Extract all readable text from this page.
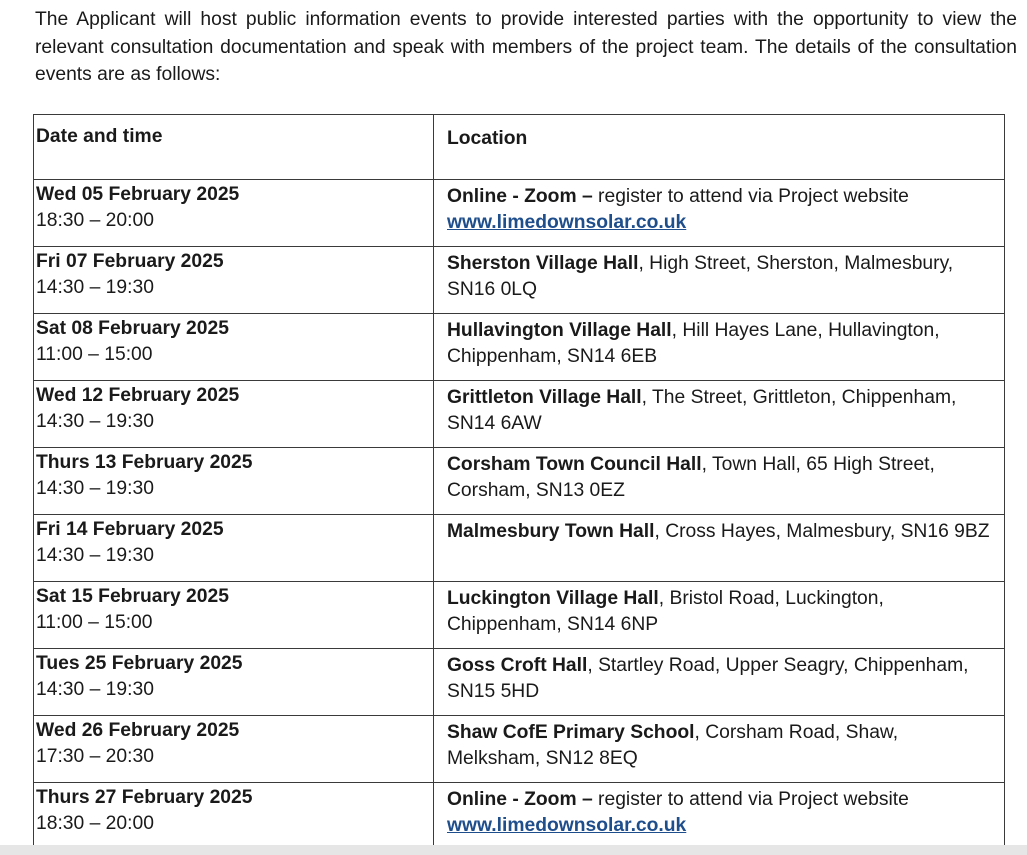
The Applicant will host public information events to provide interested parties with the opportunity to view the relevant consultation documentation and speak with members of the project team. The details of the consultation events are as follows:

Date and time	Location

Wed 05 February 2025
18:30 – 20:00	Online - Zoom – register to attend via Project website
www.limedownsolar.co.uk

Fri 07 February 2025
14:30 – 19:30	Sherston Village Hall, High Street, Sherston, Malmesbury, SN16 0LQ

Sat 08 February 2025
11:00 – 15:00	Hullavington Village Hall, Hill Hayes Lane, Hullavington, Chippenham, SN14 6EB

Wed 12 February 2025
14:30 – 19:30	Grittleton Village Hall, The Street, Grittleton, Chippenham, SN14 6AW

Thurs 13 February 2025
14:30 – 19:30	Corsham Town Council Hall, Town Hall, 65 High Street, Corsham, SN13 0EZ

Fri 14 February 2025
14:30 – 19:30	Malmesbury Town Hall, Cross Hayes, Malmesbury, SN16 9BZ

Sat 15 February 2025
11:00 – 15:00	Luckington Village Hall, Bristol Road, Luckington, Chippenham, SN14 6NP

Tues 25 February 2025
14:30 – 19:30	Goss Croft Hall, Startley Road, Upper Seagry, Chippenham, SN15 5HD

Wed 26 February 2025
17:30 – 20:30	Shaw CofE Primary School, Corsham Road, Shaw, Melksham, SN12 8EQ

Thurs 27 February 2025
18:30 – 20:00	Online - Zoom – register to attend via Project website
www.limedownsolar.co.uk
